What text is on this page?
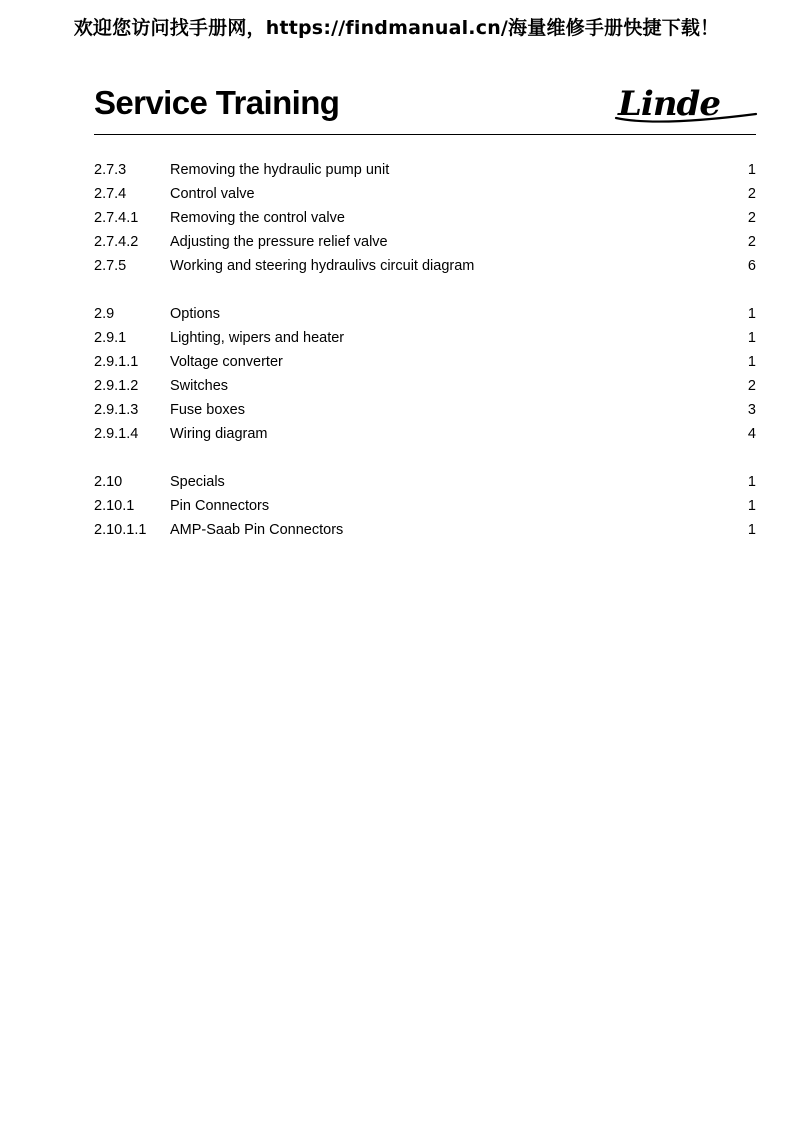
欢迎您访问找手册网，https://findmanual.cn/海量维修手册快捷下载！
Service Training	Linde
2.7.3	Removing the hydraulic pump unit	1
2.7.4	Control valve	2
2.7.4.1 Removing the control valve	2
2.7.4.2 Adjusting the pressure relief valve	2
2.7.5	Working and steering hydraulivs circuit diagram	6
2.9	Options	1
2.9.1	Lighting, wipers and heater	1
2.9.1.1 Voltage converter	1
2.9.1.2 Switches	2
2.9.1.3 Fuse boxes	3
2.9.1.4 Wiring diagram	4
2.10	Specials	1
2.10.1 Pin Connectors	1
2.10.1.1 AMP-Saab Pin Connectors	1
